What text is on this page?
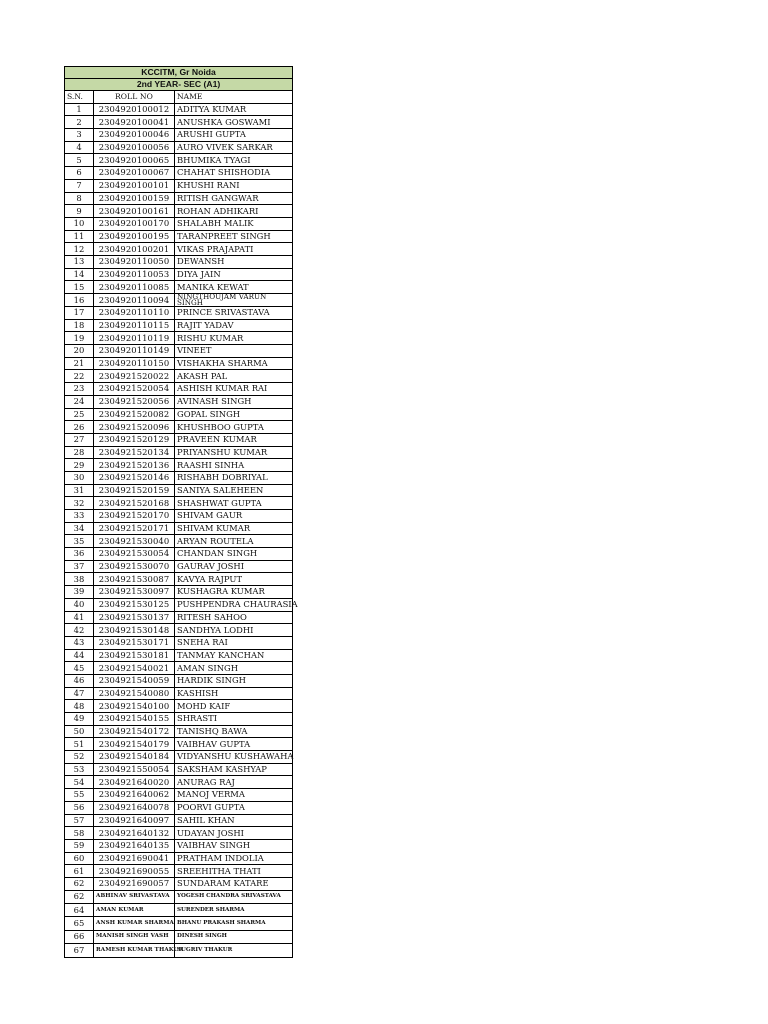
KCCITM, Gr Noida		
2nd YEAR- SEC (A1)		
S.N.	ROLL NO	NAME
1	2304920100012	ADITYA KUMAR
2	2304920100041	ANUSHKA GOSWAMI
3	2304920100046	ARUSHI GUPTA
4	2304920100056	AURO VIVEK SARKAR
5	2304920100065	BHUMIKA TYAGI
6	2304920100067	CHAHAT SHISHODIA
7	2304920100101	KHUSHI RANI
8	2304920100159	RITISH GANGWAR
9	2304920100161	ROHAN ADHIKARI
10	2304920100170	SHALABH MALIK
11	2304920100195	TARANPREET SINGH
12	2304920100201	VIKAS PRAJAPATI
13	2304920110050	DEWANSH
14	2304920110053	DIYA JAIN
15	2304920110085	MANIKA KEWAT
16	2304920110094	NINGTHOUJAM VARUN SINGH
17	2304920110110	PRINCE SRIVASTAVA
18	2304920110115	RAJIT YADAV
19	2304920110119	RISHU KUMAR
20	2304920110149	VINEET
21	2304920110150	VISHAKHA SHARMA
22	2304921520022	AKASH PAL
23	2304921520054	ASHISH KUMAR RAI
24	2304921520056	AVINASH SINGH
25	2304921520082	GOPAL SINGH
26	2304921520096	KHUSHBOO GUPTA
27	2304921520129	PRAVEEN KUMAR
28	2304921520134	PRIYANSHU KUMAR
29	2304921520136	RAASHI SINHA
30	2304921520146	RISHABH DOBRIYAL
31	2304921520159	SANIYA SALEHEEN
32	2304921520168	SHASHWAT GUPTA
33	2304921520170	SHIVAM GAUR
34	2304921520171	SHIVAM KUMAR
35	2304921530040	ARYAN ROUTELA
36	2304921530054	CHANDAN SINGH
37	2304921530070	GAURAV JOSHI
38	2304921530087	KAVYA RAJPUT
39	2304921530097	KUSHAGRA KUMAR
40	2304921530125	PUSHPENDRA CHAURASIA
41	2304921530137	RITESH SAHOO
42	2304921530148	SANDHYA LODHI
43	2304921530171	SNEHA RAI
44	2304921530181	TANMAY KANCHAN
45	2304921540021	AMAN SINGH
46	2304921540059	HARDIK SINGH
47	2304921540080	KASHISH
48	2304921540100	MOHD KAIF
49	2304921540155	SHRASTI
50	2304921540172	TANISHQ BAWA
51	2304921540179	VAIBHAV GUPTA
52	2304921540184	VIDYANSHU KUSHAWAHA
53	2304921550054	SAKSHAM KASHYAP
54	2304921640020	ANURAG RAJ
55	2304921640062	MANOJ VERMA
56	2304921640078	POORVI GUPTA
57	2304921640097	SAHIL KHAN
58	2304921640132	UDAYAN JOSHI
59	2304921640135	VAIBHAV SINGH
60	2304921690041	PRATHAM INDOLIA
61	2304921690055	SREEHITHA THATI
62	2304921690057	SUNDARAM KATARE
62	ABHINAV SRIVASTAVA	YOGESH CHANDRA SRIVASTAVA
64	AMAN KUMAR	SURENDER SHARMA
65	ANSH KUMAR SHARMA	BHANU PRAKASH SHARMA
66	MANISH SINGH VASH	DINESH SINGH
67	RAMESH KUMAR THAKUR	SUGRIV THAKUR
